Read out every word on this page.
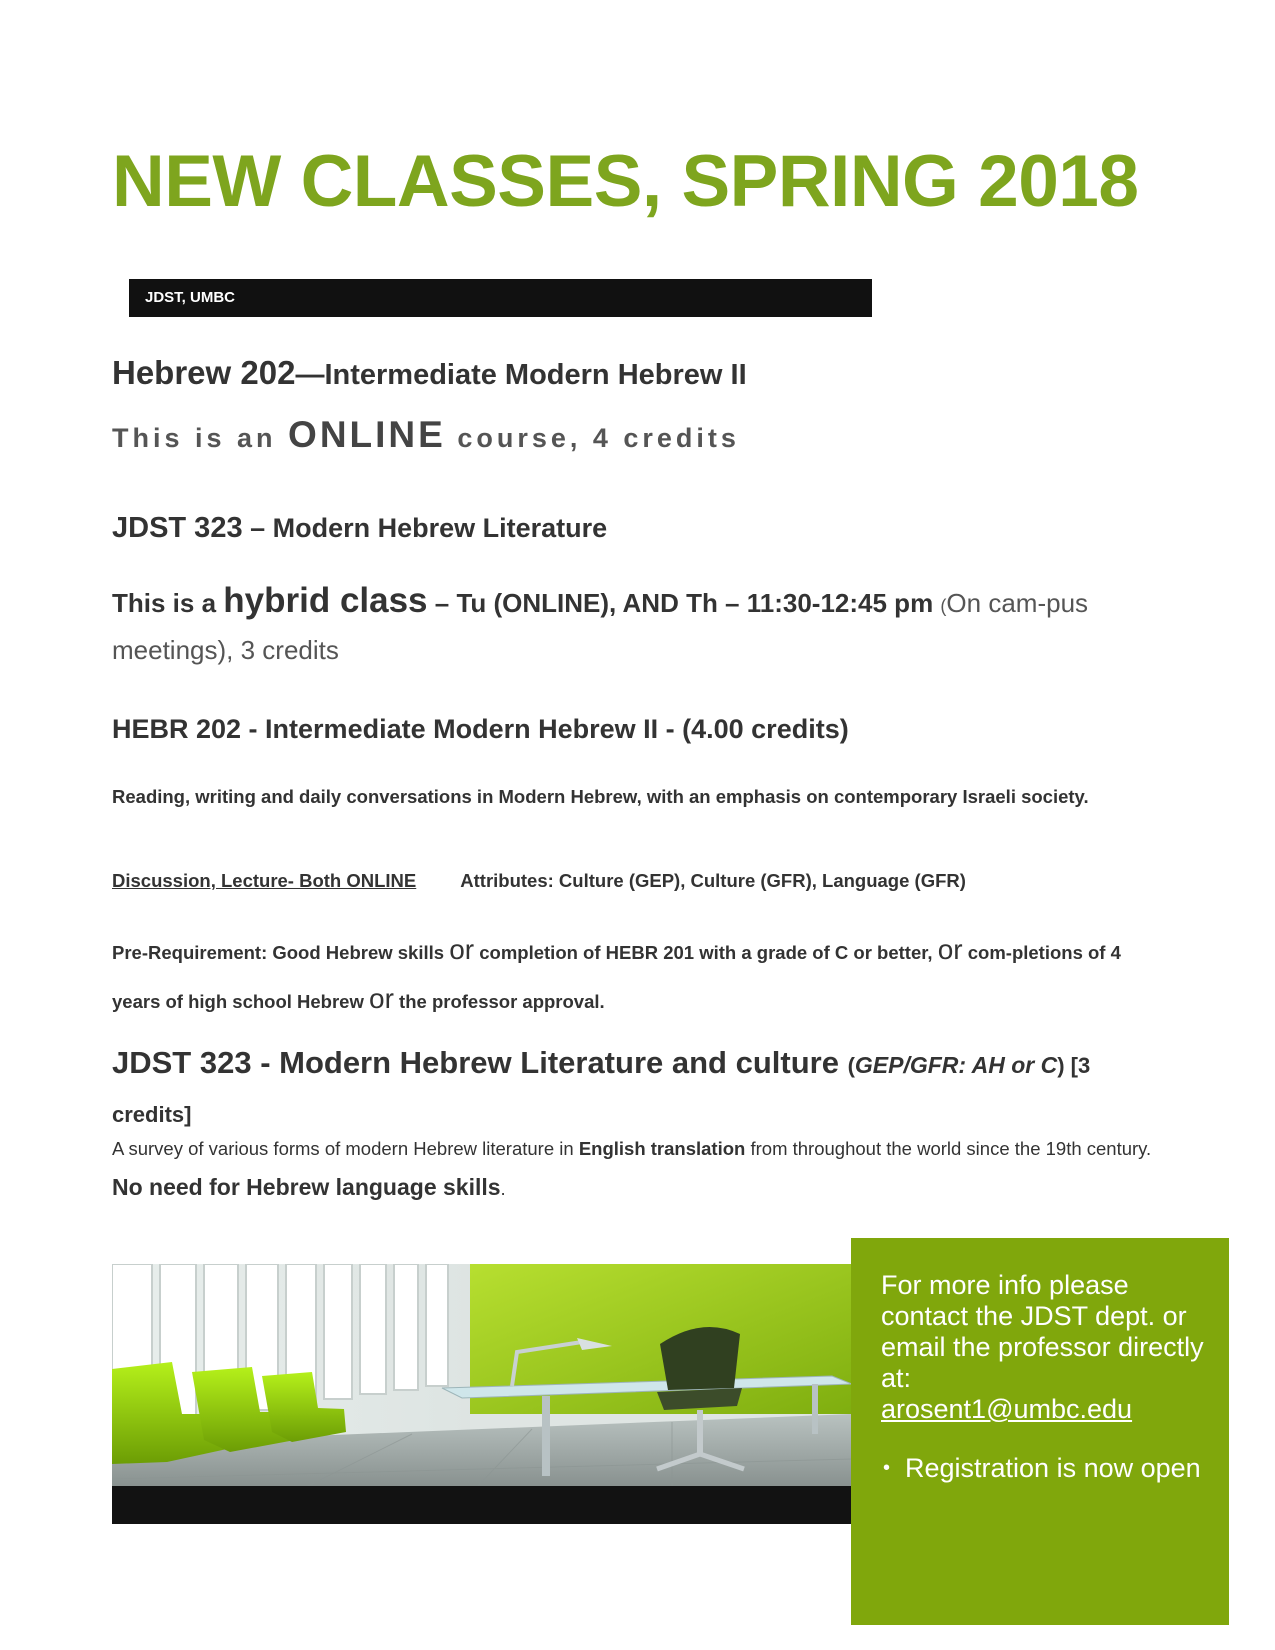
NEW CLASSES, SPRING 2018
JDST, UMBC
Hebrew 202—Intermediate Modern Hebrew II
This is an ONLINE course, 4 credits
JDST 323 – Modern Hebrew Literature
This is a hybrid class – Tu (ONLINE), AND Th – 11:30-12:45 pm (On cam-pus meetings), 3 credits
HEBR 202 - Intermediate Modern Hebrew II - (4.00 credits)
Reading, writing and daily conversations in Modern Hebrew, with an emphasis on contemporary Israeli society.
Discussion, Lecture- Both ONLINE Attributes: Culture (GEP), Culture (GFR), Language (GFR)
Pre-Requirement: Good Hebrew skills or completion of HEBR 201 with a grade of C or better, or com-pletions of 4 years of high school Hebrew or the professor approval.
JDST 323 - Modern Hebrew Literature and culture (GEP/GFR: AH or C) [3 credits]
A survey of various forms of modern Hebrew literature in English translation from throughout the world since the 19th century. No need for Hebrew language skills.
For more info please contact the JDST dept. or email the professor directly at:
arosent1@umbc.edu
• Registration is now open
